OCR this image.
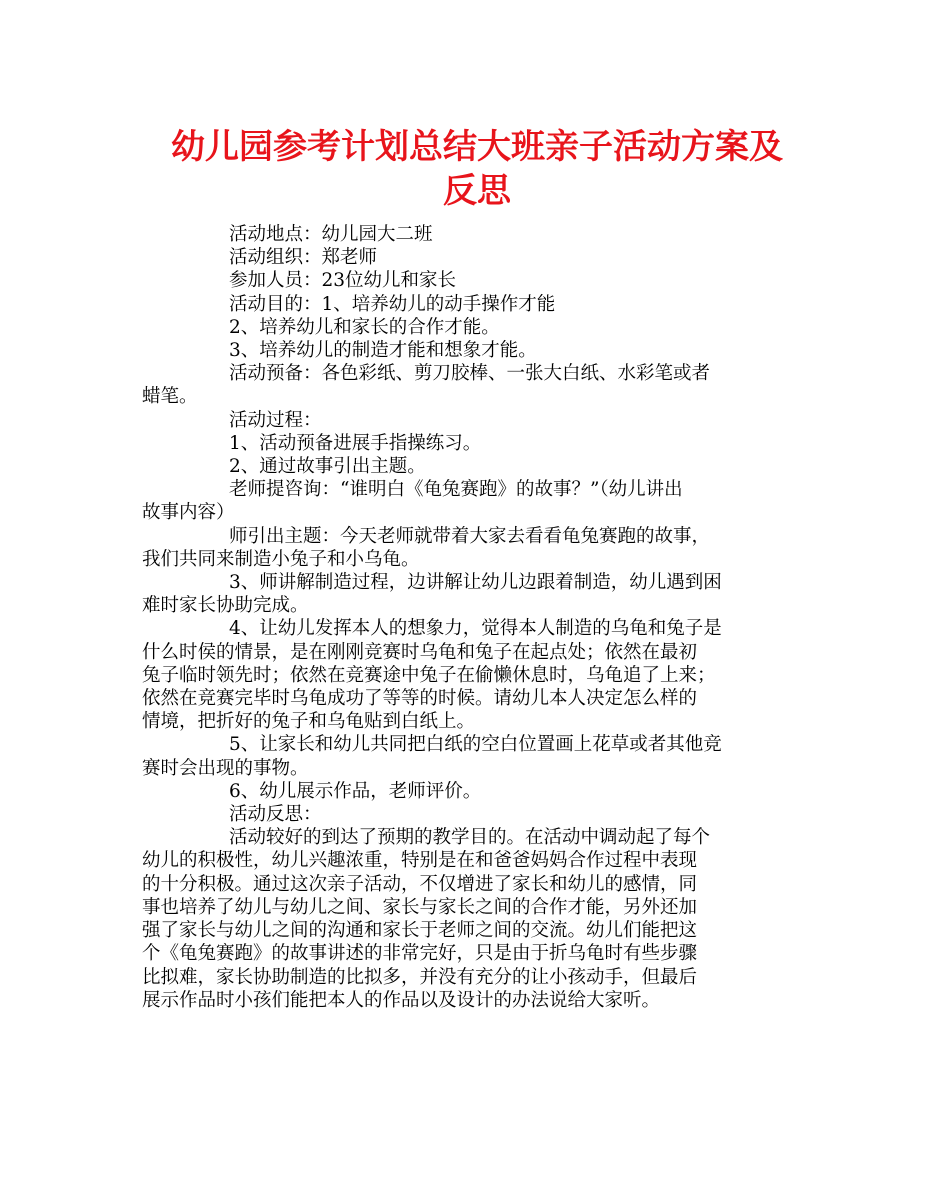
幼儿园参考计划总结大班亲子活动方案及
反思
活动地点：幼儿园大二班
活动组织：郑老师
参加人员：23位幼儿和家长
活动目的：1、培养幼儿的动手操作才能
2、培养幼儿和家长的合作才能。
3、培养幼儿的制造才能和想象才能。
活动预备：各色彩纸、剪刀胶棒、一张大白纸、水彩笔或者
蜡笔。
活动过程：
1、活动预备进展手指操练习。
2、通过故事引出主题。
老师提咨询：“谁明白《龟兔赛跑》的故事？”（幼儿讲出
故事内容）
师引出主题：今天老师就带着大家去看看龟兔赛跑的故事，
我们共同来制造小兔子和小乌龟。
3、师讲解制造过程，边讲解让幼儿边跟着制造，幼儿遇到困
难时家长协助完成。
4、让幼儿发挥本人的想象力，觉得本人制造的乌龟和兔子是
什么时侯的情景，是在刚刚竞赛时乌龟和兔子在起点处；依然在最初
兔子临时领先时；依然在竞赛途中兔子在偷懒休息时，乌龟追了上来；
依然在竞赛完毕时乌龟成功了等等的时候。请幼儿本人决定怎么样的
情境，把折好的兔子和乌龟贴到白纸上。
5、让家长和幼儿共同把白纸的空白位置画上花草或者其他竞
赛时会出现的事物。
6、幼儿展示作品，老师评价。
活动反思：
活动较好的到达了预期的教学目的。在活动中调动起了每个
幼儿的积极性，幼儿兴趣浓重，特别是在和爸爸妈妈合作过程中表现
的十分积极。通过这次亲子活动，不仅增进了家长和幼儿的感情，同
事也培养了幼儿与幼儿之间、家长与家长之间的合作才能，另外还加
强了家长与幼儿之间的沟通和家长于老师之间的交流。幼儿们能把这
个《龟兔赛跑》的故事讲述的非常完好，只是由于折乌龟时有些步骤
比拟难，家长协助制造的比拟多，并没有充分的让小孩动手，但最后
展示作品时小孩们能把本人的作品以及设计的办法说给大家听。
